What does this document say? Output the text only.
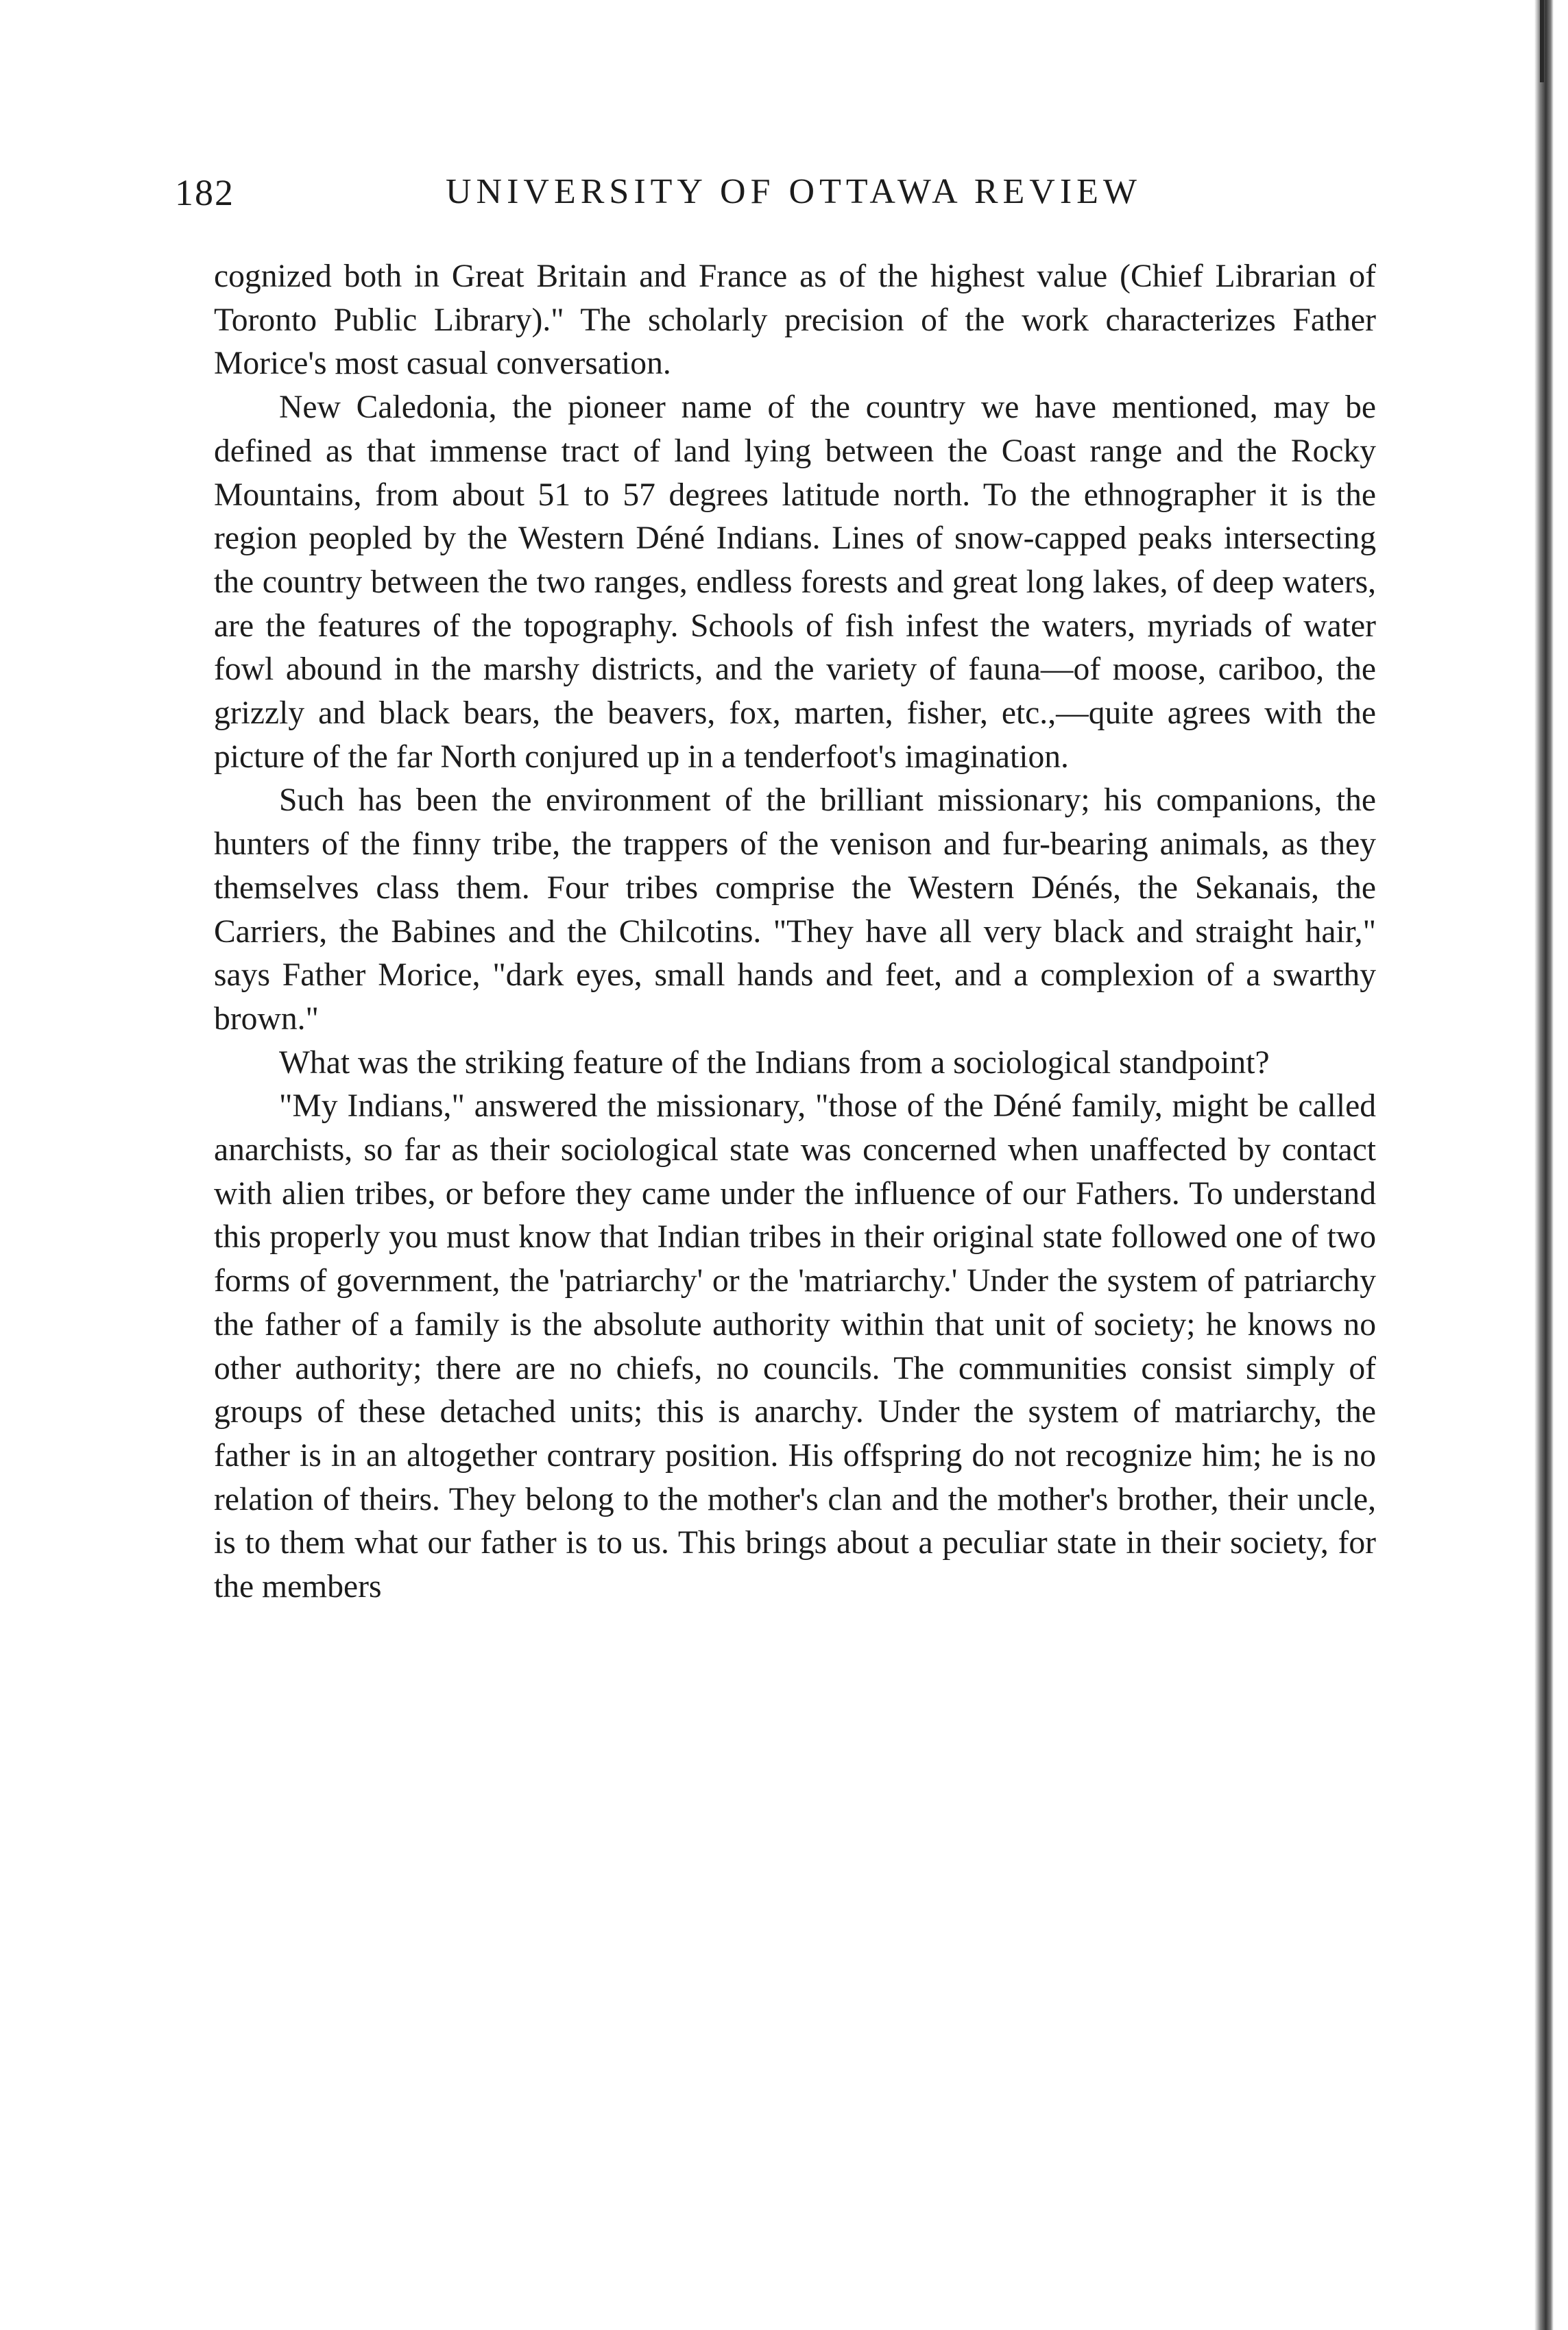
182	UNIVERSITY OF OTTAWA REVIEW

cognized both in Great Britain and France as of the highest value (Chief Librarian of Toronto Public Library)." The scholarly precision of the work characterizes Father Morice's most casual conversation.

New Caledonia, the pioneer name of the country we have mentioned, may be defined as that immense tract of land lying between the Coast range and the Rocky Mountains, from about 51 to 57 degrees latitude north. To the ethnographer it is the region peopled by the Western Déné Indians. Lines of snow-capped peaks intersecting the country between the two ranges, endless forests and great long lakes, of deep waters, are the features of the topography. Schools of fish infest the waters, myriads of water fowl abound in the marshy districts, and the variety of fauna—of moose, cariboo, the grizzly and black bears, the beavers, fox, marten, fisher, etc.,—quite agrees with the picture of the far North conjured up in a tenderfoot's imagination.

Such has been the environment of the brilliant missionary; his companions, the hunters of the finny tribe, the trappers of the venison and fur-bearing animals, as they themselves class them. Four tribes comprise the Western Dénés, the Sekanais, the Carriers, the Babines and the Chilcotins. "They have all very black and straight hair," says Father Morice, "dark eyes, small hands and feet, and a complexion of a swarthy brown."

What was the striking feature of the Indians from a sociological standpoint?

"My Indians," answered the missionary, "those of the Déné family, might be called anarchists, so far as their sociological state was concerned when unaffected by contact with alien tribes, or before they came under the influence of our Fathers. To understand this properly you must know that Indian tribes in their original state followed one of two forms of government, the 'patriarchy' or the 'matriarchy.' Under the system of patriarchy the father of a family is the absolute authority within that unit of society; he knows no other authority; there are no chiefs, no councils. The communities consist simply of groups of these detached units; this is anarchy. Under the system of matriarchy, the father is in an altogether contrary position. His offspring do not recognize him; he is no relation of theirs. They belong to the mother's clan and the mother's brother, their uncle, is to them what our father is to us. This brings about a peculiar state in their society, for the members
